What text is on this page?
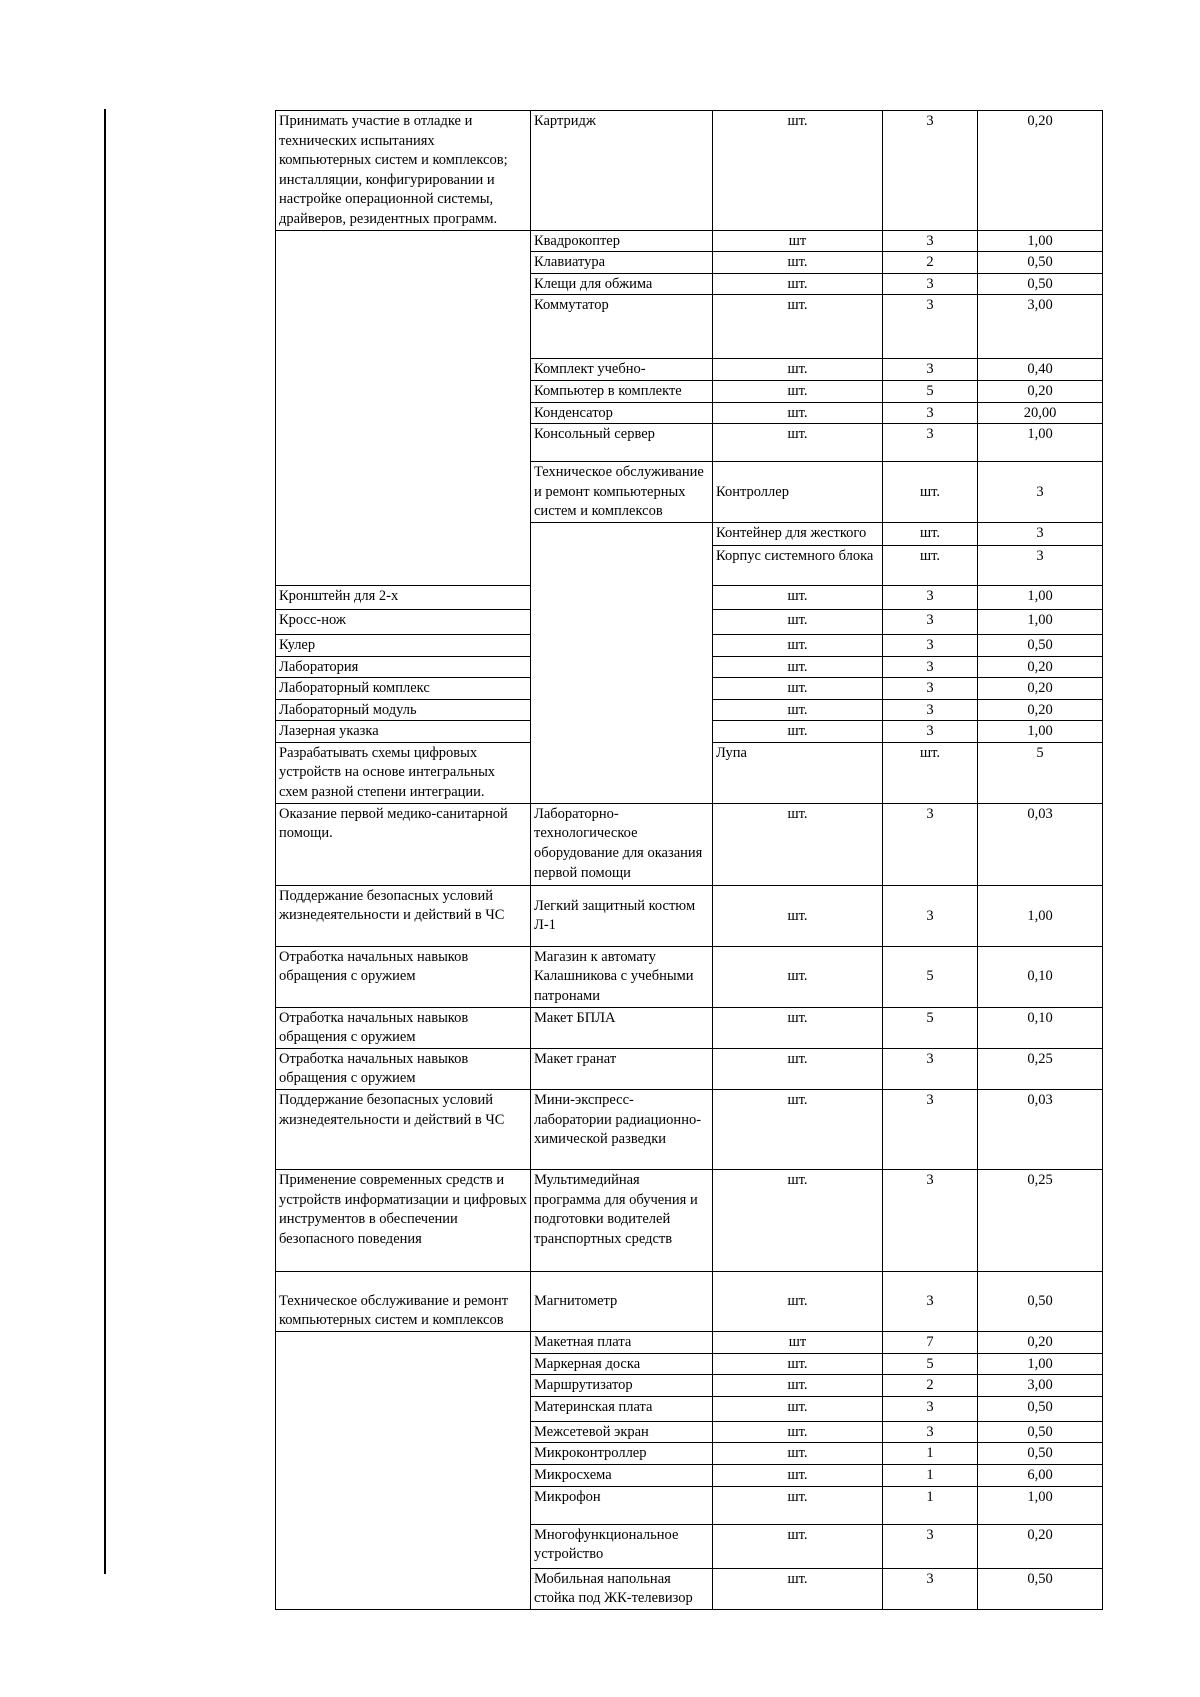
Принимать участие в отладке и технических испытаниях компьютерных систем и комплексов; инсталляции, конфигурировании и настройке операционной системы, драйверов, резидентных программ.	Картридж	шт.	3	0,20	
	Квадрокоптер	шт	3	1,00	
	Клавиатура	шт.	2	0,50	
	Клещи для обжима	шт.	3	0,50	
	Коммутатор	шт.	3	3,00	
	Комплект учебно-	шт.	3	0,40	
	Компьютер в комплекте	шт.	5	0,20	
	Конденсатор	шт.	3	20,00	
	Консольный сервер	шт.	3	1,00	
	Техническое обслуживание и ремонт компьютерных систем и комплексов	Контроллер	шт.	3	
		Контейнер для жесткого	шт.	3	
		Корпус системного блока	шт.	3	
Кронштейн для 2-х		шт.	3	1,00	
Кросс-нож		шт.	3	1,00	
Кулер		шт.	3	0,50	
Лаборатория		шт.	3	0,20	
Лабораторный комплекс		шт.	3	0,20	
Лабораторный модуль		шт.	3	0,20	
Лазерная указка		шт.	3	1,00	
Разрабатывать схемы цифровых устройств на основе интегральных схем разной степени интеграции.		Лупа	шт.	5	
Оказание первой медико-санитарной помощи.	Лабораторно-технологическое оборудование для оказания первой помощи	шт.	3	0,03	
Поддержание безопасных условий жизнедеятельности и действий в ЧС	Легкий защитный костюм Л-1	шт.	3	1,00	
Отработка начальных навыков обращения с оружием	Магазин к автомату Калашникова с учебными патронами	шт.	5	0,10	
Отработка начальных навыков обращения с оружием	Макет БПЛА	шт.	5	0,10	
Отработка начальных навыков обращения с оружием	Макет гранат	шт.	3	0,25	
Поддержание безопасных условий жизнедеятельности и действий в ЧС	Мини-экспресс-лаборатории радиационно-химической разведки	шт.	3	0,03	
Применение современных средств и устройств информатизации и цифровых инструментов в обеспечении безопасного поведения	Мультимедийная программа для обучения и подготовки водителей транспортных средств	шт.	3	0,25	
Техническое обслуживание и ремонт компьютерных систем и комплексов	Магнитометр	шт.	3	0,50	
	Макетная плата	шт	7	0,20	
	Маркерная доска	шт.	5	1,00	
	Маршрутизатор	шт.	2	3,00	
	Материнская плата	шт.	3	0,50	
	Межсетевой экран	шт.	3	0,50	
	Микроконтроллер	шт.	1	0,50	
	Микросхема	шт.	1	6,00	
	Микрофон	шт.	1	1,00	
	Многофункциональное устройство	шт.	3	0,20	
	Мобильная напольная стойка под ЖК-телевизор	шт.	3	0,50	
